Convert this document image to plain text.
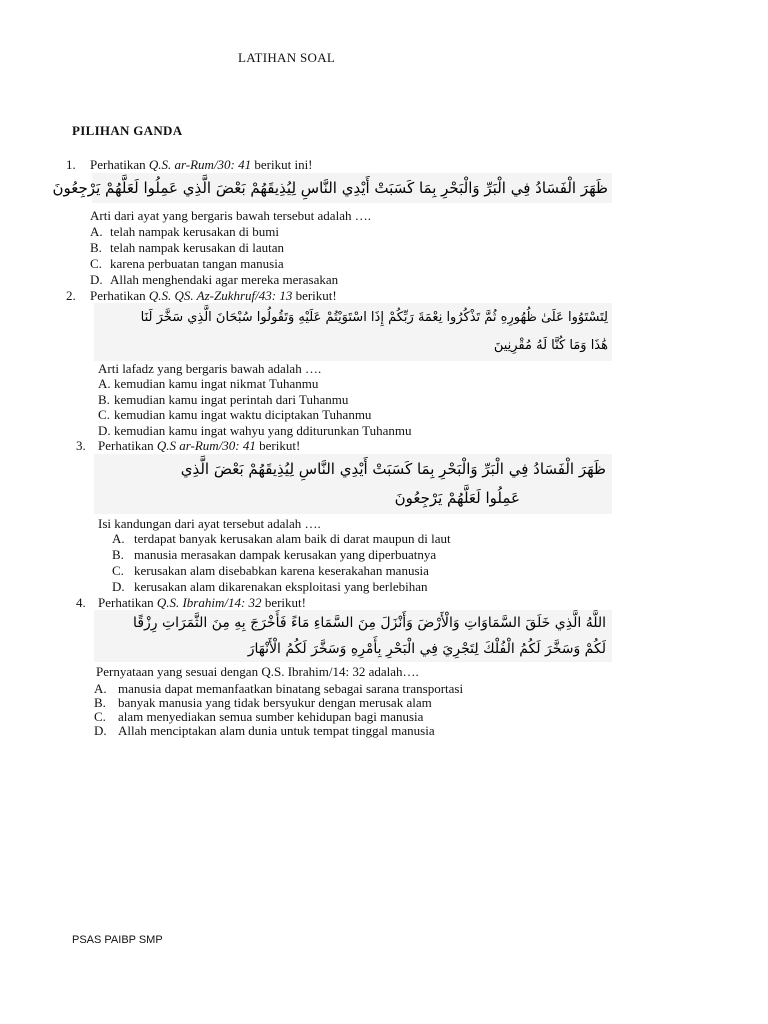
LATIHAN SOAL
PILIHAN GANDA
1. Perhatikan Q.S. ar-Rum/30: 41 berikut ini!
ظَهَرَ الْفَسَادُ فِي الْبَرِّ وَالْبَحْرِ بِمَا كَسَبَتْ أَيْدِي النَّاسِ لِيُذِيقَهُمْ بَعْضَ الَّذِي عَمِلُوا لَعَلَّهُمْ يَرْجِعُونَ
Arti dari ayat yang bergaris bawah tersebut adalah ….
A. telah nampak kerusakan di bumi
B. telah nampak kerusakan di lautan
C. karena perbuatan tangan manusia
D. Allah menghendaki agar mereka merasakan
2. Perhatikan Q.S. QS. Az-Zukhruf/43: 13 berikut!
لِتَسْتَوُوا عَلَىٰ ظُهُورِهِ ثُمَّ تَذْكُرُوا نِعْمَةَ رَبِّكُمْ إِذَا اسْتَوَيْتُمْ عَلَيْهِ وَتَقُولُوا سُبْحَانَ الَّذِي سَخَّرَ لَنَا
هَٰذَا وَمَا كُنَّا لَهُ مُقْرِنِينَ
Arti lafadz yang bergaris bawah adalah ….
A. kemudian kamu ingat nikmat Tuhanmu
B. kemudian kamu ingat perintah dari Tuhanmu
C. kemudian kamu ingat waktu diciptakan Tuhanmu
D. kemudian kamu ingat wahyu yang dditurunkan Tuhanmu
3. Perhatikan Q.S ar-Rum/30: 41 berikut!
ظَهَرَ الْفَسَادُ فِي الْبَرِّ وَالْبَحْرِ بِمَا كَسَبَتْ أَيْدِي النَّاسِ لِيُذِيقَهُمْ بَعْضَ الَّذِي
عَمِلُوا لَعَلَّهُمْ يَرْجِعُونَ
Isi kandungan dari ayat tersebut adalah ….
A. terdapat banyak kerusakan alam baik di darat maupun di laut
B. manusia merasakan dampak kerusakan yang diperbuatnya
C. kerusakan alam disebabkan karena keserakahan manusia
D. kerusakan alam dikarenakan eksploitasi yang berlebihan
4. Perhatikan Q.S. Ibrahim/14: 32 berikut!
اللَّهُ الَّذِي خَلَقَ السَّمَاوَاتِ وَالْأَرْضَ وَأَنْزَلَ مِنَ السَّمَاءِ مَاءً فَأَخْرَجَ بِهِ مِنَ الثَّمَرَاتِ رِزْقًا
لَكُمْ وَسَخَّرَ لَكُمُ الْفُلْكَ لِتَجْرِيَ فِي الْبَحْرِ بِأَمْرِهِ وَسَخَّرَ لَكُمُ الْأَنْهَارَ
Pernyataan yang sesuai dengan Q.S. Ibrahim/14: 32 adalah….
A. manusia dapat memanfaatkan binatang sebagai sarana transportasi
B. banyak manusia yang tidak bersyukur dengan merusak alam
C. alam menyediakan semua sumber kehidupan bagi manusia
D. Allah menciptakan alam dunia untuk tempat tinggal manusia
PSAS PAIBP SMP
